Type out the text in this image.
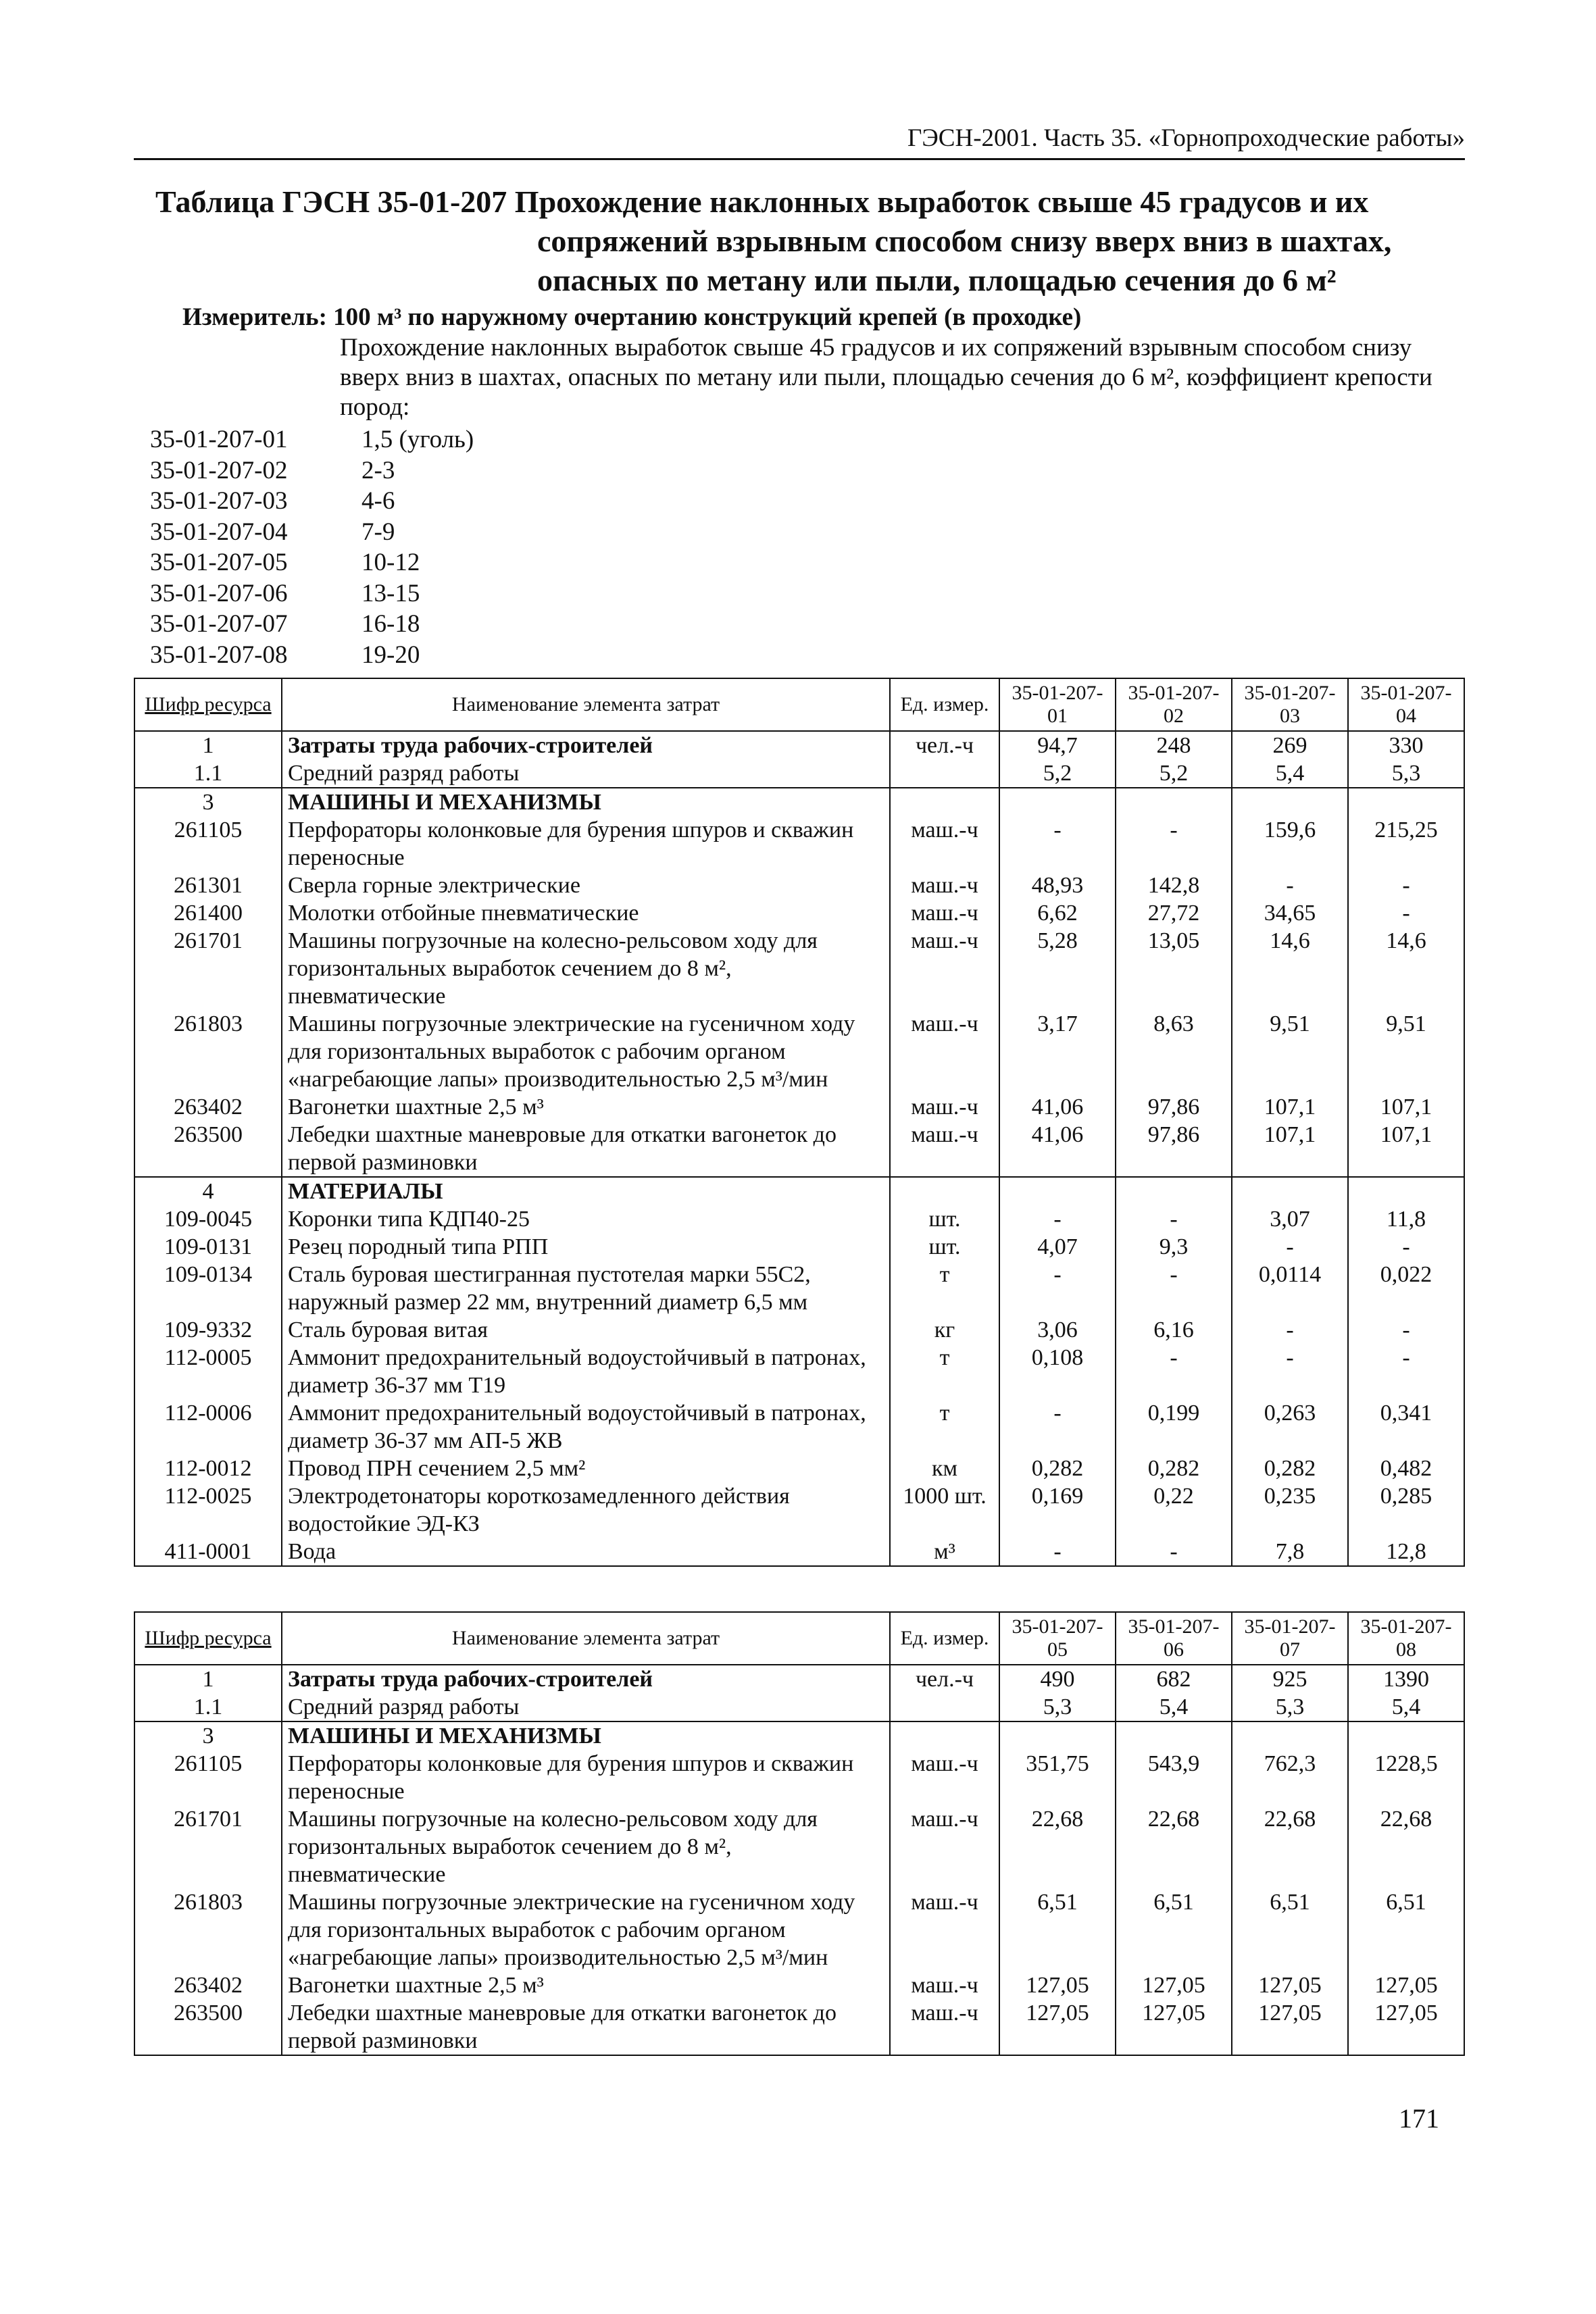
ГЭСН-2001. Часть 35. «Горнопроходческие работы»
Таблица ГЭСН 35-01-207 Прохождение наклонных выработок свыше 45 градусов и их
сопряжений взрывным способом снизу вверх вниз в шахтах, опасных по метану или пыли, площадью сечения до 6 м²
Измеритель: 100 м³ по наружному очертанию конструкций крепей (в проходке)
Прохождение наклонных выработок свыше 45 градусов и их сопряжений взрывным способом снизу вверх вниз в шахтах, опасных по метану или пыли, площадью сечения до 6 м², коэффициент крепости пород:
35-01-207-01	1,5 (уголь)
35-01-207-02	2-3
35-01-207-03	4-6
35-01-207-04	7-9
35-01-207-05	10-12
35-01-207-06	13-15
35-01-207-07	16-18
35-01-207-08	19-20
Шифр ресурса	Наименование элемента затрат	Ед. измер.	35-01-207-01	35-01-207-02	35-01-207-03	35-01-207-04
1	Затраты труда рабочих-строителей	чел.-ч	94,7	248	269	330
1.1	Средний разряд работы		5,2	5,2	5,4	5,3
3	МАШИНЫ И МЕХАНИЗМЫ					
261105	Перфораторы колонковые для бурения шпуров и скважин переносные	маш.-ч	-	-	159,6	215,25
261301	Сверла горные электрические	маш.-ч	48,93	142,8	-	-
261400	Молотки отбойные пневматические	маш.-ч	6,62	27,72	34,65	-
261701	Машины погрузочные на колесно-рельсовом ходу для горизонтальных выработок сечением до 8 м², пневматические	маш.-ч	5,28	13,05	14,6	14,6
261803	Машины погрузочные электрические на гусеничном ходу для горизонтальных выработок с рабочим органом «нагребающие лапы» производительностью 2,5 м³/мин	маш.-ч	3,17	8,63	9,51	9,51
263402	Вагонетки шахтные 2,5 м³	маш.-ч	41,06	97,86	107,1	107,1
263500	Лебедки шахтные маневровые для откатки вагонеток до первой разминовки	маш.-ч	41,06	97,86	107,1	107,1
4	МАТЕРИАЛЫ					
109-0045	Коронки типа КДП40-25	шт.	-	-	3,07	11,8
109-0131	Резец породный типа РПП	шт.	4,07	9,3	-	-
109-0134	Сталь буровая шестигранная пустотелая марки 55С2, наружный размер 22 мм, внутренний диаметр 6,5 мм	т	-	-	0,0114	0,022
109-9332	Сталь буровая витая	кг	3,06	6,16	-	-
112-0005	Аммонит предохранительный водоустойчивый в патронах, диаметр 36-37 мм Т19	т	0,108	-	-	-
112-0006	Аммонит предохранительный водоустойчивый в патронах, диаметр 36-37 мм АП-5 ЖВ	т	-	0,199	0,263	0,341
112-0012	Провод ПРН сечением 2,5 мм²	км	0,282	0,282	0,282	0,482
112-0025	Электродетонаторы короткозамедленного действия водостойкие ЭД-КЗ	1000 шт.	0,169	0,22	0,235	0,285
411-0001	Вода	м³	-	-	7,8	12,8
Шифр ресурса	Наименование элемента затрат	Ед. измер.	35-01-207-05	35-01-207-06	35-01-207-07	35-01-207-08
1	Затраты труда рабочих-строителей	чел.-ч	490	682	925	1390
1.1	Средний разряд работы		5,3	5,4	5,3	5,4
3	МАШИНЫ И МЕХАНИЗМЫ					
261105	Перфораторы колонковые для бурения шпуров и скважин переносные	маш.-ч	351,75	543,9	762,3	1228,5
261701	Машины погрузочные на колесно-рельсовом ходу для горизонтальных выработок сечением до 8 м², пневматические	маш.-ч	22,68	22,68	22,68	22,68
261803	Машины погрузочные электрические на гусеничном ходу для горизонтальных выработок с рабочим органом «нагребающие лапы» производительностью 2,5 м³/мин	маш.-ч	6,51	6,51	6,51	6,51
263402	Вагонетки шахтные 2,5 м³	маш.-ч	127,05	127,05	127,05	127,05
263500	Лебедки шахтные маневровые для откатки вагонеток до первой разминовки	маш.-ч	127,05	127,05	127,05	127,05
171
